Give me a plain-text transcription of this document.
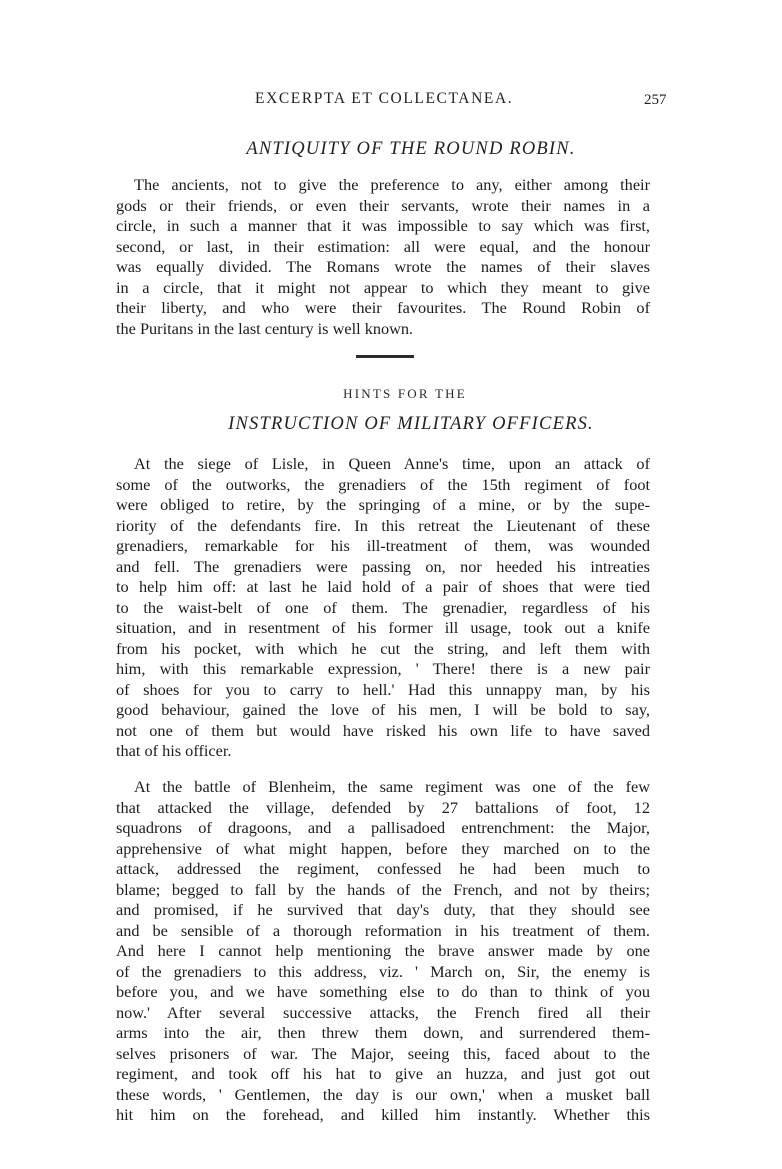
EXCERPTA ET COLLECTANEA.	257
ANTIQUITY OF THE ROUND ROBIN.
The ancients, not to give the preference to any, either among their
gods or their friends, or even their servants, wrote their names in a
circle, in such a manner that it was impossible to say which was first,
second, or last, in their estimation: all were equal, and the honour
was equally divided. The Romans wrote the names of their slaves
in a circle, that it might not appear to which they meant to give
their liberty, and who were their favourites. The Round Robin of
the Puritans in the last century is well known.
HINTS FOR THE
INSTRUCTION OF MILITARY OFFICERS.
At the siege of Lisle, in Queen Anne's time, upon an attack of
some of the outworks, the grenadiers of the 15th regiment of foot
were obliged to retire, by the springing of a mine, or by the supe-
riority of the defendants fire. In this retreat the Lieutenant of these
grenadiers, remarkable for his ill-treatment of them, was wounded
and fell. The grenadiers were passing on, nor heeded his intreaties
to help him off: at last he laid hold of a pair of shoes that were tied
to the waist-belt of one of them. The grenadier, regardless of his
situation, and in resentment of his former ill usage, took out a knife
from his pocket, with which he cut the string, and left them with
him, with this remarkable expression, ' There! there is a new pair
of shoes for you to carry to hell.' Had this unnappy man, by his
good behaviour, gained the love of his men, I will be bold to say,
not one of them but would have risked his own life to have saved
that of his officer.
At the battle of Blenheim, the same regiment was one of the few
that attacked the village, defended by 27 battalions of foot, 12
squadrons of dragoons, and a pallisadoed entrenchment: the Major,
apprehensive of what might happen, before they marched on to the
attack, addressed the regiment, confessed he had been much to
blame; begged to fall by the hands of the French, and not by theirs;
and promised, if he survived that day's duty, that they should see
and be sensible of a thorough reformation in his treatment of them.
And here I cannot help mentioning the brave answer made by one
of the grenadiers to this address, viz. ' March on, Sir, the enemy is
before you, and we have something else to do than to think of you
now.' After several successive attacks, the French fired all their
arms into the air, then threw them down, and surrendered them-
selves prisoners of war. The Major, seeing this, faced about to the
regiment, and took off his hat to give an huzza, and just got out
these words, ' Gentlemen, the day is our own,' when a musket ball
hit him on the forehead, and killed him instantly. Whether this
